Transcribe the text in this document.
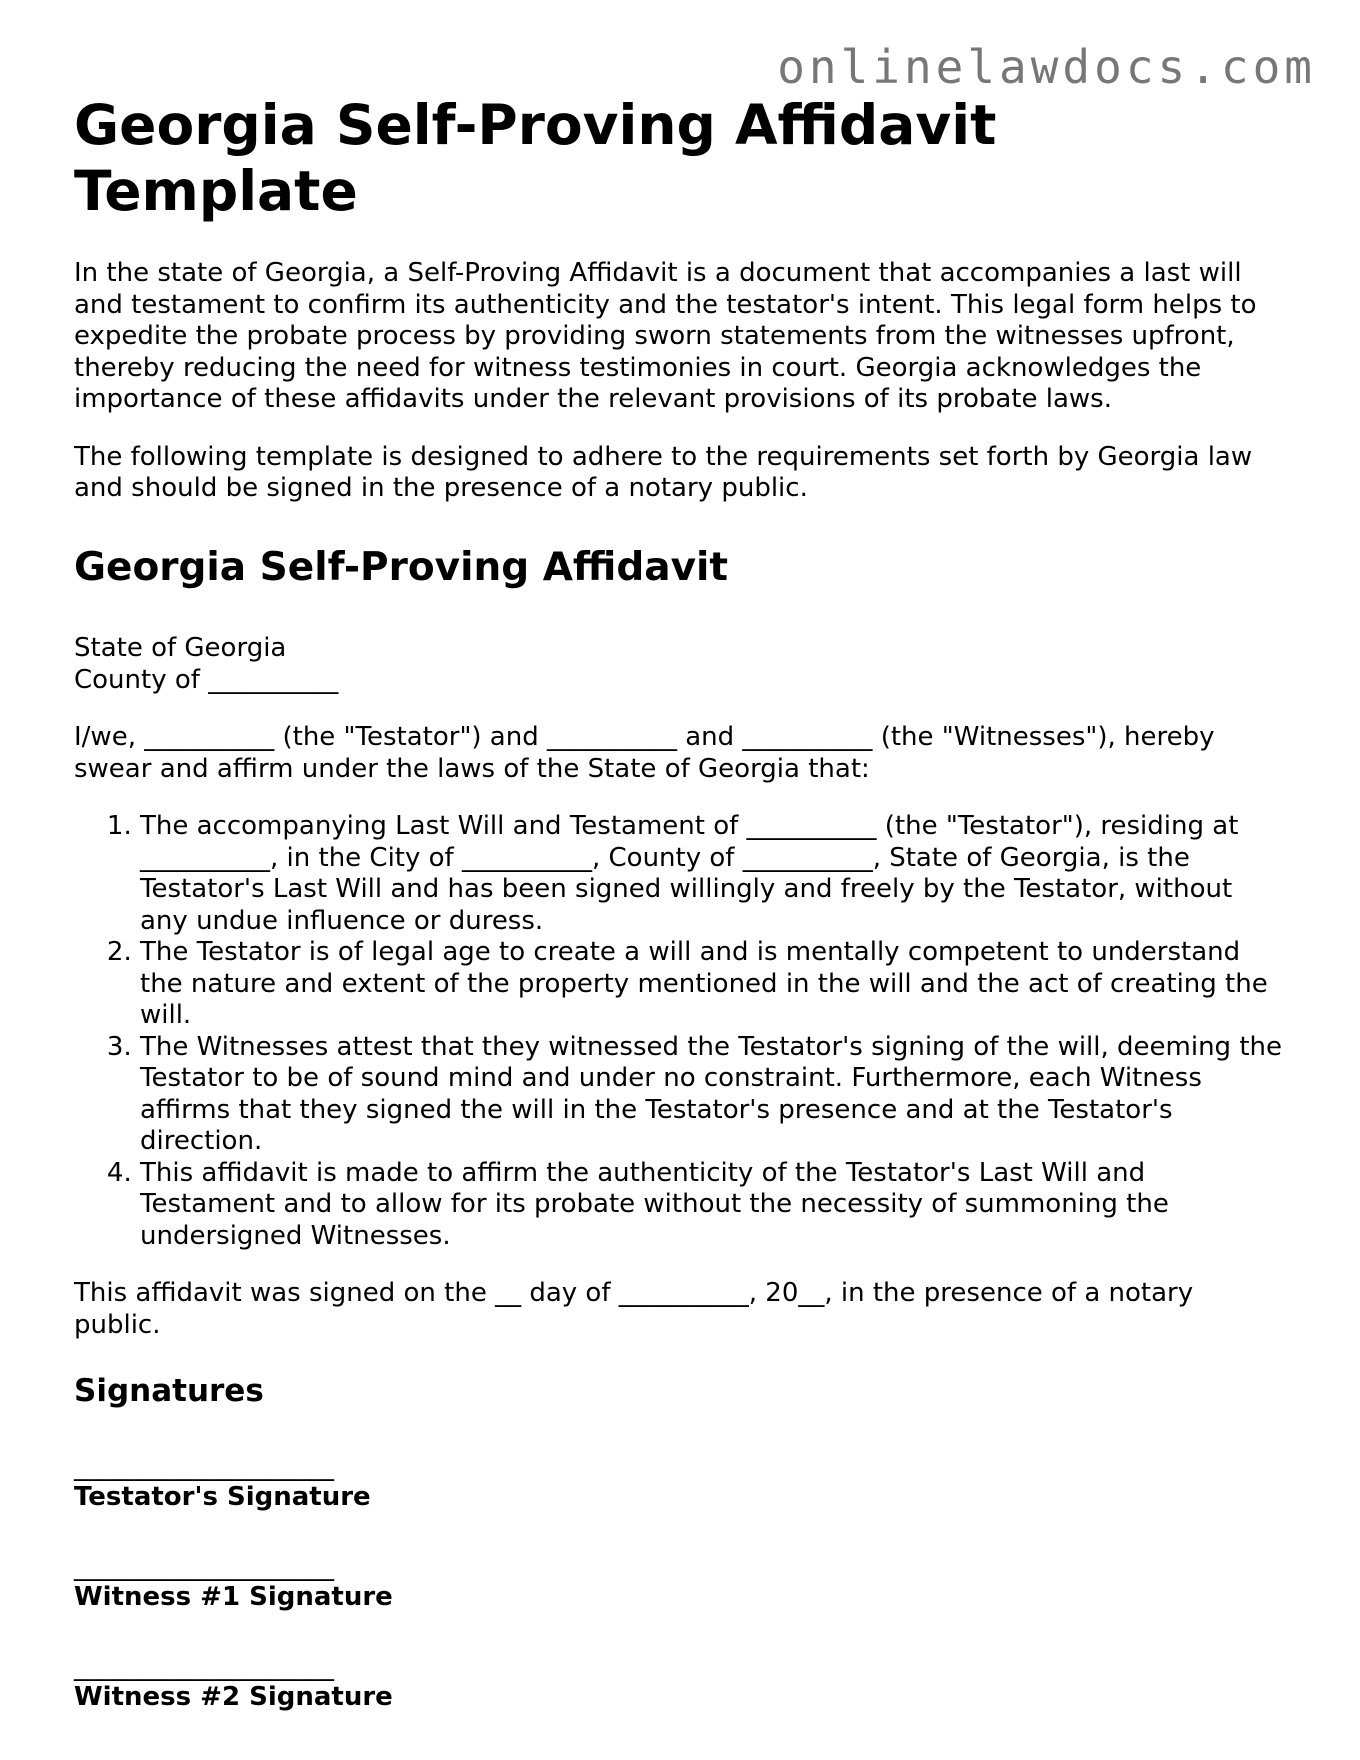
onlinelawdocs.com
Georgia Self-Proving Affidavit Template

In the state of Georgia, a Self-Proving Affidavit is a document that accompanies a last will and testament to confirm its authenticity and the testator's intent. This legal form helps to expedite the probate process by providing sworn statements from the witnesses upfront, thereby reducing the need for witness testimonies in court. Georgia acknowledges the importance of these affidavits under the relevant provisions of its probate laws.

The following template is designed to adhere to the requirements set forth by Georgia law and should be signed in the presence of a notary public.

Georgia Self-Proving Affidavit

State of Georgia

County of __________

I/we, __________ (the "Testator") and __________ and __________ (the "Witnesses"), hereby swear and affirm under the laws of the State of Georgia that:

1. The accompanying Last Will and Testament of __________ (the "Testator"), residing at __________, in the City of __________, County of __________, State of Georgia, is the Testator's Last Will and has been signed willingly and freely by the Testator, without any undue influence or duress.
2. The Testator is of legal age to create a will and is mentally competent to understand the nature and extent of the property mentioned in the will and the act of creating the will.
3. The Witnesses attest that they witnessed the Testator's signing of the will, deeming the Testator to be of sound mind and under no constraint. Furthermore, each Witness affirms that they signed the will in the Testator's presence and at the Testator's direction.
4. This affidavit is made to affirm the authenticity of the Testator's Last Will and Testament and to allow for its probate without the necessity of summoning the undersigned Witnesses.

This affidavit was signed on the __ day of __________, 20__, in the presence of a notary public.

Signatures
____________________
Testator's Signature
____________________
Witness #1 Signature
____________________
Witness #2 Signature
